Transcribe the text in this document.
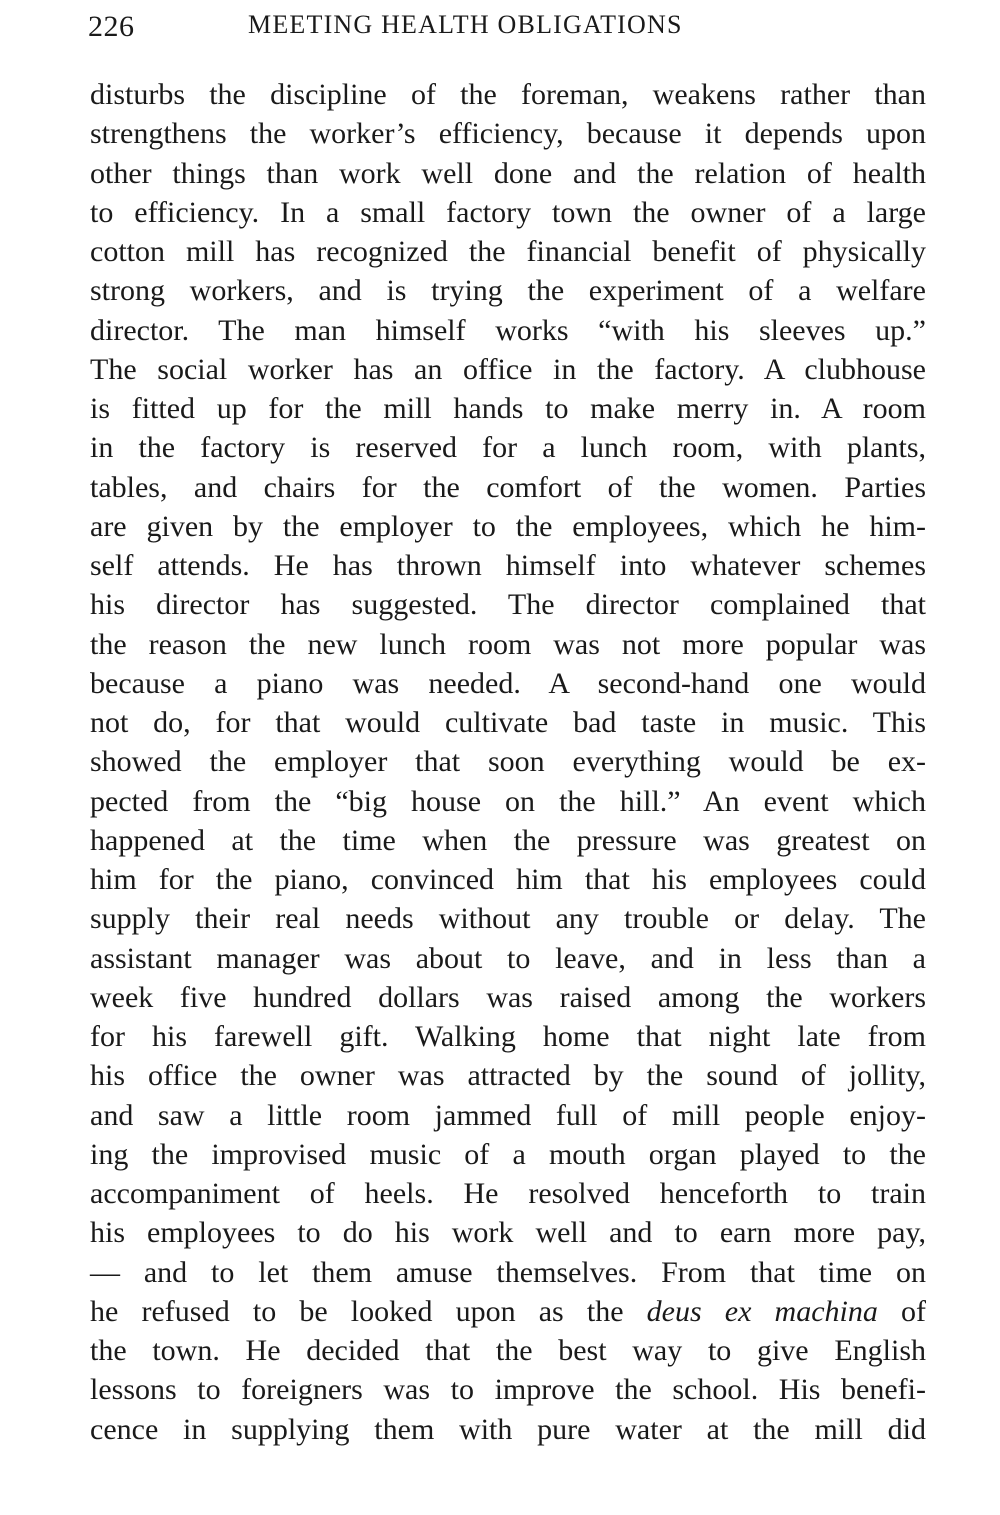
226	MEETING HEALTH OBLIGATIONS
disturbs the discipline of the foreman, weakens rather than
strengthens the worker’s efficiency, because it depends upon
other things than work well done and the relation of health
to efficiency. In a small factory town the owner of a large
cotton mill has recognized the financial benefit of physically
strong workers, and is trying the experiment of a welfare
director. The man himself works “with his sleeves up.”
The social worker has an office in the factory. A clubhouse
is fitted up for the mill hands to make merry in. A room
in the factory is reserved for a lunch room, with plants,
tables, and chairs for the comfort of the women. Parties
are given by the employer to the employees, which he him-
self attends. He has thrown himself into whatever schemes
his director has suggested. The director complained that
the reason the new lunch room was not more popular was
because a piano was needed. A second-hand one would
not do, for that would cultivate bad taste in music. This
showed the employer that soon everything would be ex-
pected from the “big house on the hill.” An event which
happened at the time when the pressure was greatest on
him for the piano, convinced him that his employees could
supply their real needs without any trouble or delay. The
assistant manager was about to leave, and in less than a
week five hundred dollars was raised among the workers
for his farewell gift. Walking home that night late from
his office the owner was attracted by the sound of jollity,
and saw a little room jammed full of mill people enjoy-
ing the improvised music of a mouth organ played to the
accompaniment of heels. He resolved henceforth to train
his employees to do his work well and to earn more pay,
— and to let them amuse themselves. From that time on
he refused to be looked upon as the deus ex machina of
the town. He decided that the best way to give English
lessons to foreigners was to improve the school. His benefi-
cence in supplying them with pure water at the mill did
